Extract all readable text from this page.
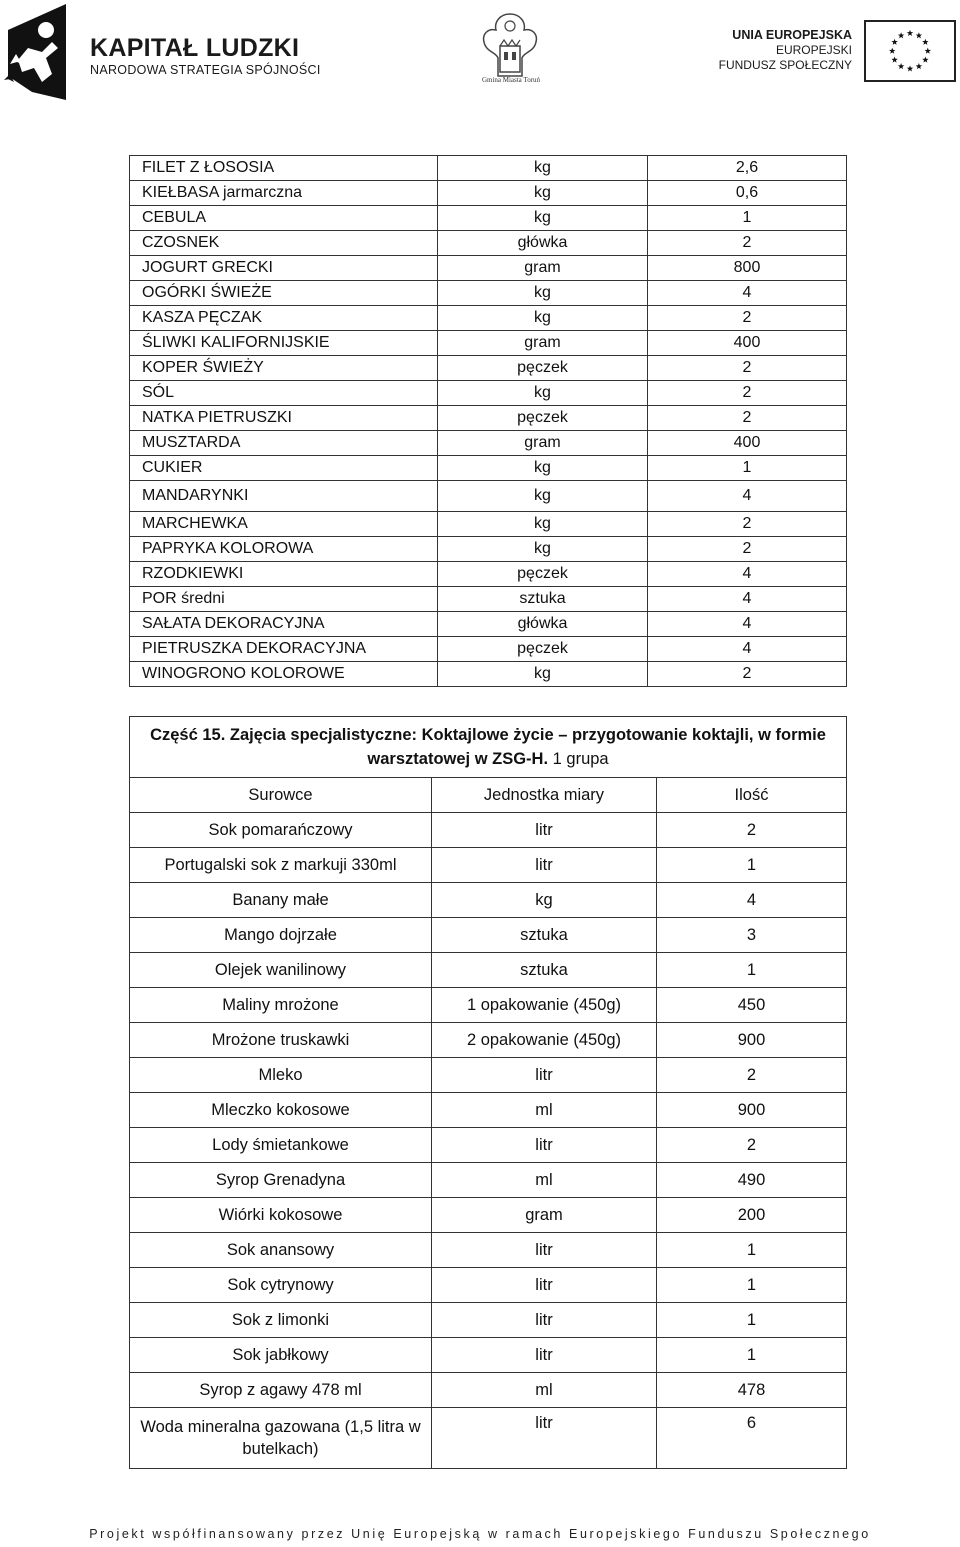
KAPITAŁ LUDZKI
NARODOWA STRATEGIA SPÓJNOŚCI
Gmina Miasta Toruń
UNIA EUROPEJSKA
EUROPEJSKI
FUNDUSZ SPOŁECZNY
FILET Z ŁOSOSIA	kg	2,6
KIEŁBASA jarmarczna	kg	0,6
CEBULA	kg	1
CZOSNEK	główka	2
JOGURT GRECKI	gram	800
OGÓRKI ŚWIEŻE	kg	4
KASZA PĘCZAK	kg	2
ŚLIWKI KALIFORNIJSKIE	gram	400
KOPER ŚWIEŻY	pęczek	2
SÓL	kg	2
NATKA PIETRUSZKI	pęczek	2
MUSZTARDA	gram	400
CUKIER	kg	1
MANDARYNKI	kg	4
MARCHEWKA	kg	2
PAPRYKA KOLOROWA	kg	2
RZODKIEWKI	pęczek	4
POR średni	sztuka	4
SAŁATA DEKORACYJNA	główka	4
PIETRUSZKA DEKORACYJNA	pęczek	4
WINOGRONO KOLOROWE	kg	2
Część 15. Zajęcia specjalistyczne: Koktajlowe życie – przygotowanie koktajli, w formie warsztatowej w ZSG-H. 1 grupa		
Surowce	Jednostka miary	Ilość
Sok pomarańczowy	litr	2
Portugalski sok z markuji 330ml	litr	1
Banany małe	kg	4
Mango dojrzałe	sztuka	3
Olejek wanilinowy	sztuka	1
Maliny mrożone	1 opakowanie (450g)	450
Mrożone truskawki	2 opakowanie (450g)	900
Mleko	litr	2
Mleczko kokosowe	ml	900
Lody śmietankowe	litr	2
Syrop Grenadyna	ml	490
Wiórki kokosowe	gram	200
Sok anansowy	litr	1
Sok cytrynowy	litr	1
Sok z limonki	litr	1
Sok jabłkowy	litr	1
Syrop z agawy 478 ml	ml	478
Woda mineralna gazowana (1,5 litra w butelkach)	litr	6
Projekt współfinansowany przez Unię Europejską w ramach Europejskiego Funduszu Społecznego
